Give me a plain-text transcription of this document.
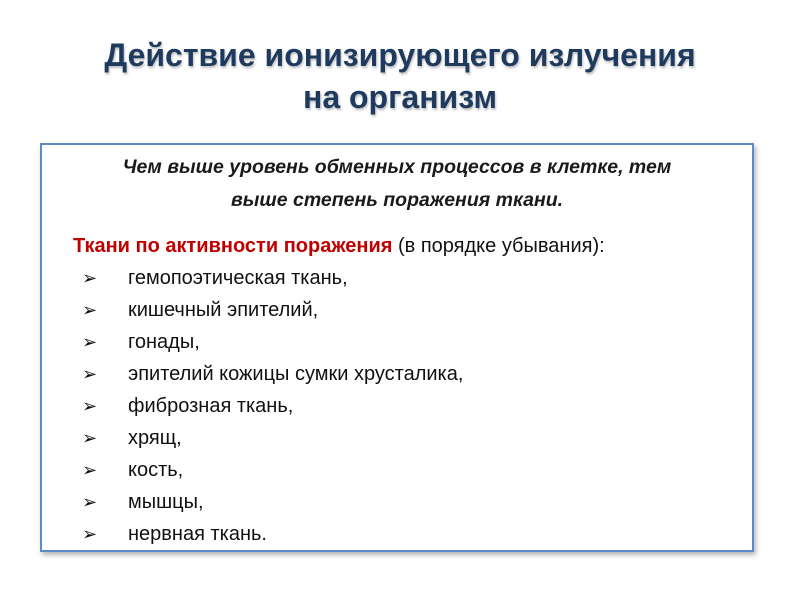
Действие ионизирующего излучения
на организм
Чем выше уровень обменных процессов в клетке, тем
выше степень поражения ткани.
Ткани по активности поражения (в порядке убывания):
➢ гемопоэтическая ткань,
➢ кишечный эпителий,
➢ гонады,
➢ эпителий кожицы сумки хрусталика,
➢ фиброзная ткань,
➢ хрящ,
➢ кость,
➢ мышцы,
➢ нервная ткань.
